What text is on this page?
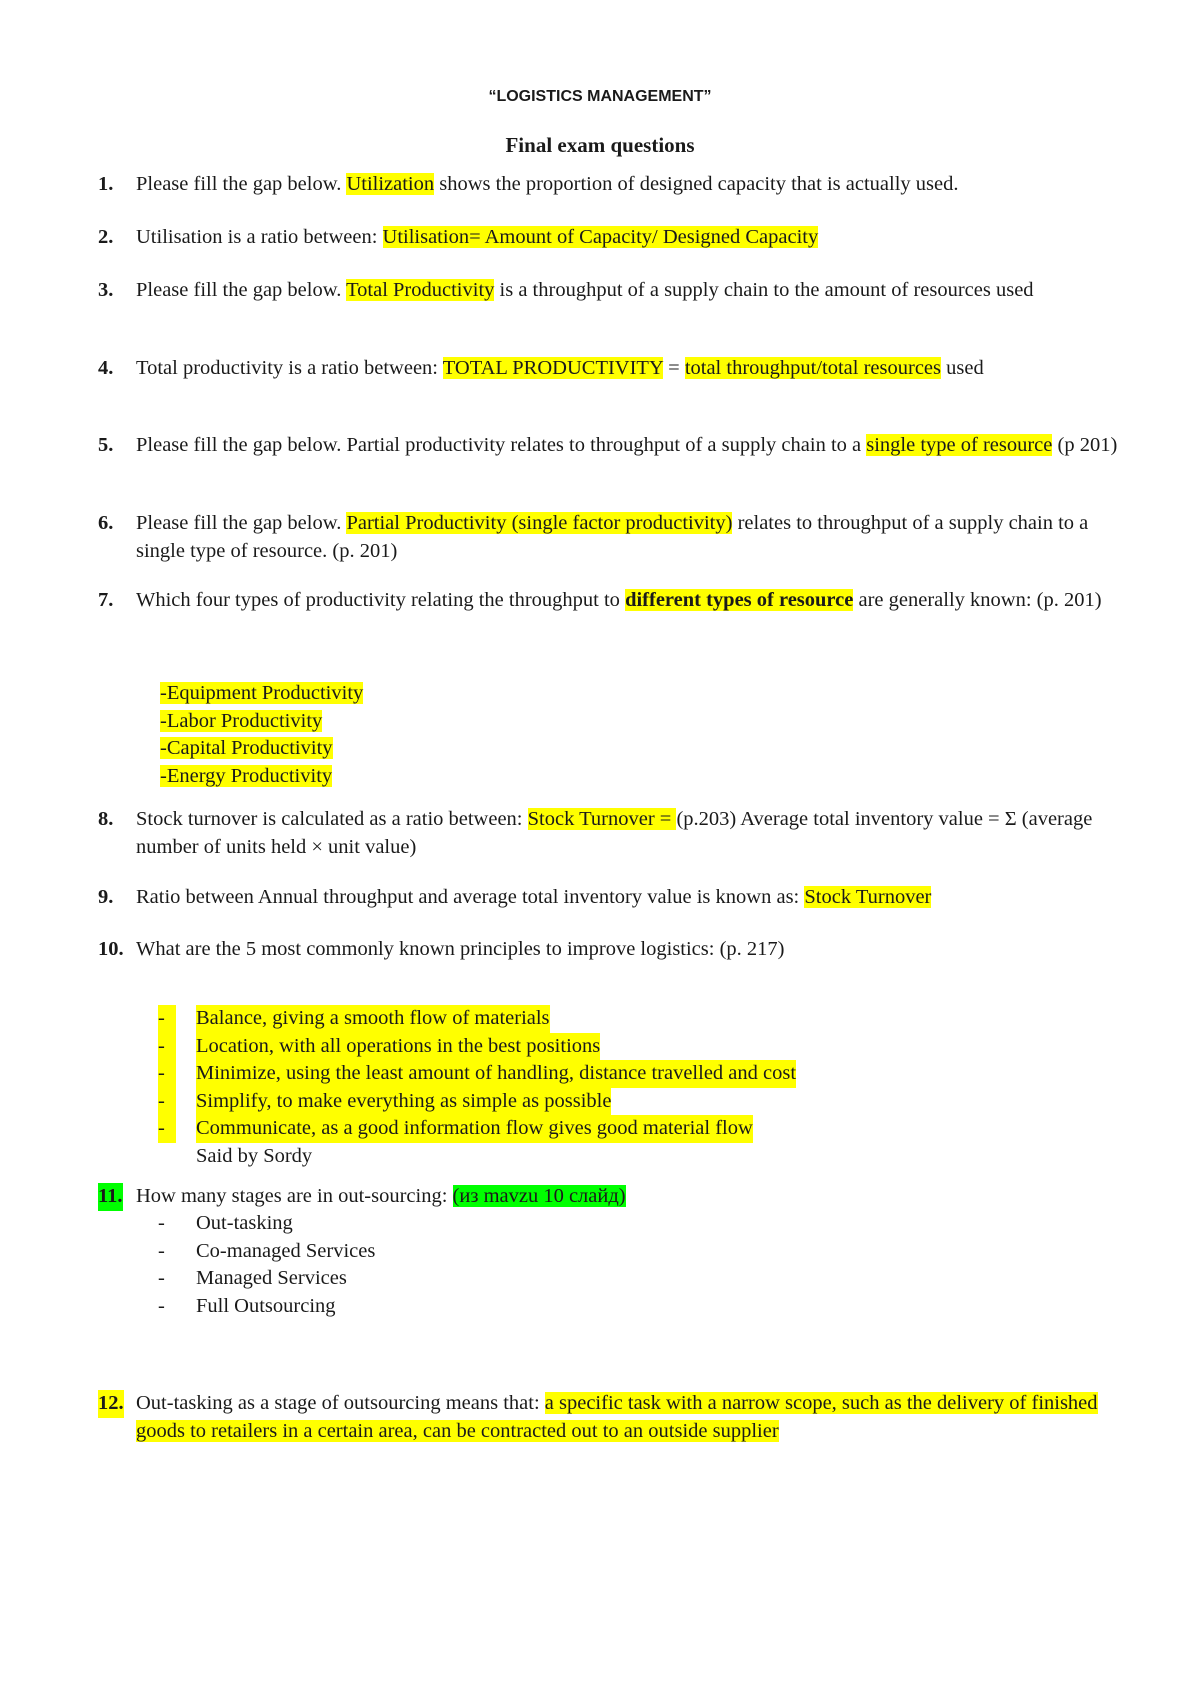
“LOGISTICS MANAGEMENT”
Final exam questions
1. Please fill the gap below. Utilization shows the proportion of designed capacity that is actually used.
2. Utilisation is a ratio between: Utilisation= Amount of Capacity/ Designed Capacity
3. Please fill the gap below. Total Productivity is a throughput of a supply chain to the amount of resources used
4. Total productivity is a ratio between: TOTAL PRODUCTIVITY = total throughput/total resources used
5. Please fill the gap below. Partial productivity relates to throughput of a supply chain to a single type of resource (p 201)
6. Please fill the gap below. Partial Productivity (single factor productivity) relates to throughput of a supply chain to a single type of resource. (p. 201)
7. Which four types of productivity relating the throughput to different types of resource are generally known: (p. 201)
-Equipment Productivity
-Labor Productivity
-Capital Productivity
-Energy Productivity
8. Stock turnover is calculated as a ratio between: Stock Turnover = (p.203) Average total inventory value = Σ (average number of units held × unit value)
9. Ratio between Annual throughput and average total inventory value is known as: Stock Turnover
10. What are the 5 most commonly known principles to improve logistics: (p. 217)
-	Balance, giving a smooth flow of materials
-	Location, with all operations in the best positions
-	Minimize, using the least amount of handling, distance travelled and cost
-	Simplify, to make everything as simple as possible
-	Communicate, as a good information flow gives good material flow
Said by Sordy
11. How many stages are in out-sourcing: (из mavzu 10 слайд)
-	Out-tasking
-	Co-managed Services
-	Managed Services
-	Full Outsourcing
12. Out-tasking as a stage of outsourcing means that: a specific task with a narrow scope, such as the delivery of finished goods to retailers in a certain area, can be contracted out to an outside supplier
